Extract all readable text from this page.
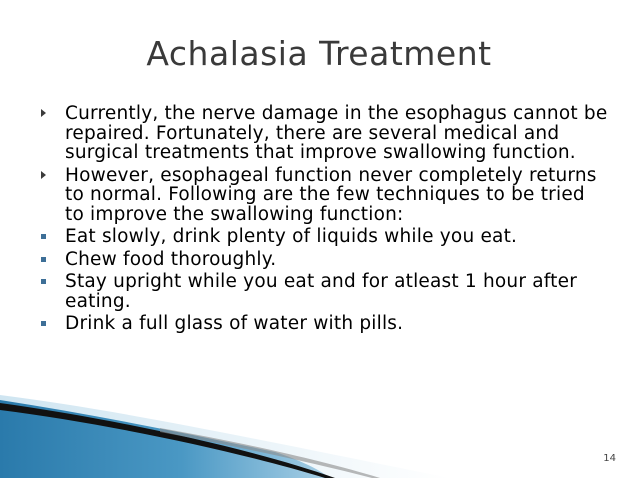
Achalasia Treatment
Currently, the nerve damage in the esophagus cannot be repaired. Fortunately, there are several medical and surgical treatments that improve swallowing function.
However, esophageal function never completely returns to normal. Following are the few techniques to be tried to improve the swallowing function:
Eat slowly, drink plenty of liquids while you eat.
Chew food thoroughly.
Stay upright while you eat and for atleast 1 hour after eating.
Drink a full glass of water with pills.
14
